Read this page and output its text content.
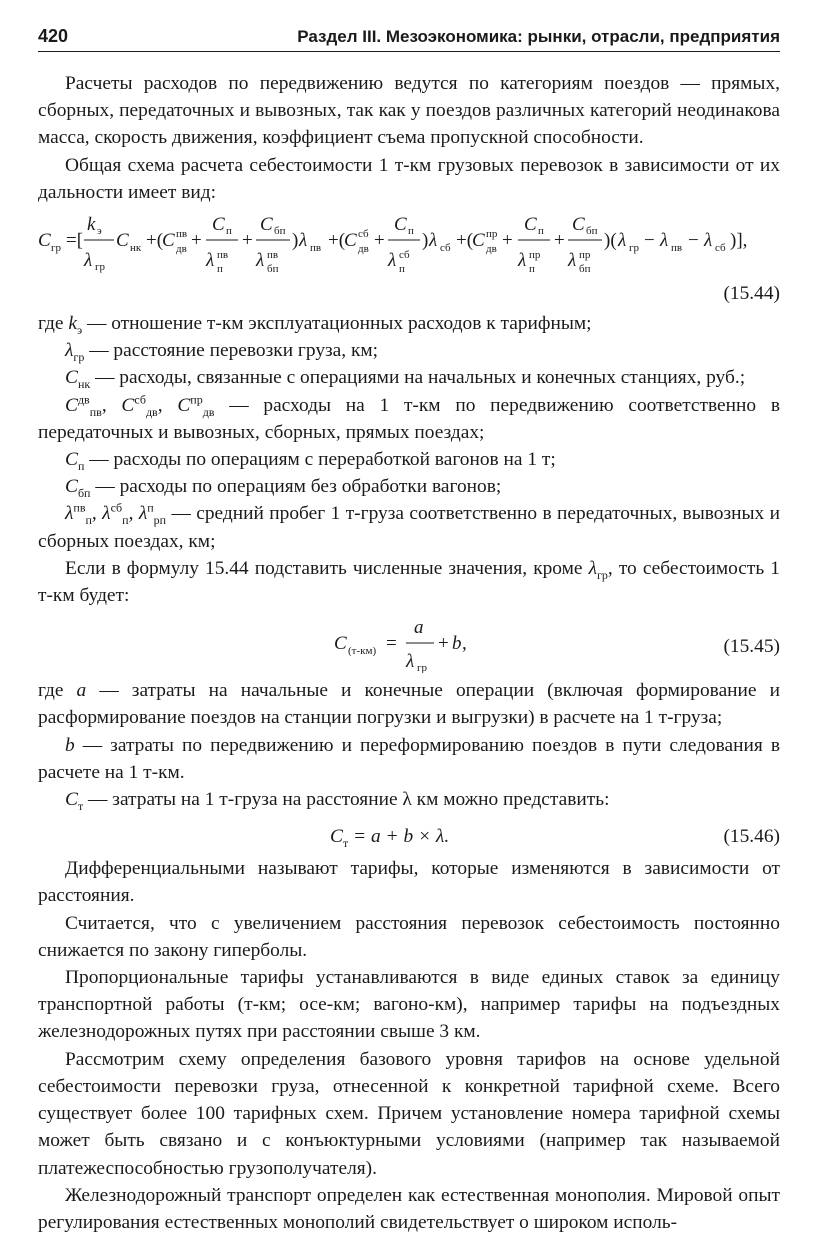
420	Раздел III. Мезоэкономика: рынки, отрасли, предприятия

Расчеты расходов по передвижению ведутся по категориям поездов — прямых, сборных, передаточных и вывозных, так как у поездов различных категорий неодинакова масса, скорость движения, коэффициент съема пропускной способности.

Общая схема расчета себестоимости 1 т-км грузовых перевозок в зависимости от их дальности имеет вид:

C гр =[
k э
λ гр
C нк +(
C пв
дв +
C п
λ пв
п
+
C бп
λ пв
бп
) λ пв +(
C сб
дв +
C п
λ сб
п
) λ сб +(
C пр
дв +
C п
λ пр
п
+
C бп
λ пр
бп
)( λ гр − λ пв − λ сб )],
(15.44)

где $k_э$ — отношение т-км эксплуатационных расходов к тарифным;

$\lambda_{гр}$ — расстояние перевозки груза, км;

$C_{нк}$ — расходы, связанные с операциями на начальных и конечных станциях, руб.;

$C^{дв}_{пв}$, $C^{сб}_{дв}$, $C^{пр}_{дв}$ — расходы на 1 т-км по передвижению соответственно в передаточных и вывозных, сборных, прямых поездах;

$C_п$ — расходы по операциям с переработкой вагонов на 1 т;

$C_{бп}$ — расходы по операциям без обработки вагонов;

$\lambda^{пв}_п$, $\lambda^{сб}_п$, $\lambda^п_{рп}$ — средний пробег 1 т-груза соответственно в передаточных, вывозных и сборных поездах, км;

Если в формулу 15.44 подставить численные значения, кроме $\lambda_{гр}$, то себестоимость 1 т-км будет:

C (т-км) =
a
λ гр
+ b ,	(15.45)

где a — затраты на начальные и конечные операции (включая формирование и расформирование поездов на станции погрузки и выгрузки) в расчете на 1 т-груза;

b — затраты по передвижению и переформированию поездов в пути следования в расчете на 1 т-км.

$C_т$ — затраты на 1 т-груза на расстояние λ км можно представить:

$C_т = a + b \times \lambda$.	(15.46)

Дифференциальными называют тарифы, которые изменяются в зависимости от расстояния.

Считается, что с увеличением расстояния перевозок себестоимость постоянно снижается по закону гиперболы.

Пропорциональные тарифы устанавливаются в виде единых ставок за единицу транспортной работы (т-км; осе-км; вагоно-км), например тарифы на подъездных железнодорожных путях при расстоянии свыше 3 км.

Рассмотрим схему определения базового уровня тарифов на основе удельной себестоимости перевозки груза, отнесенной к конкретной тарифной схеме. Всего существует более 100 тарифных схем. Причем установление номера тарифной схемы может быть связано и с конъюктурными условиями (например так называемой платежеспособностью грузополучателя).

Железнодорожный транспорт определен как естественная монополия. Мировой опыт регулирования естественных монополий свидетельствует о широком исполь-
